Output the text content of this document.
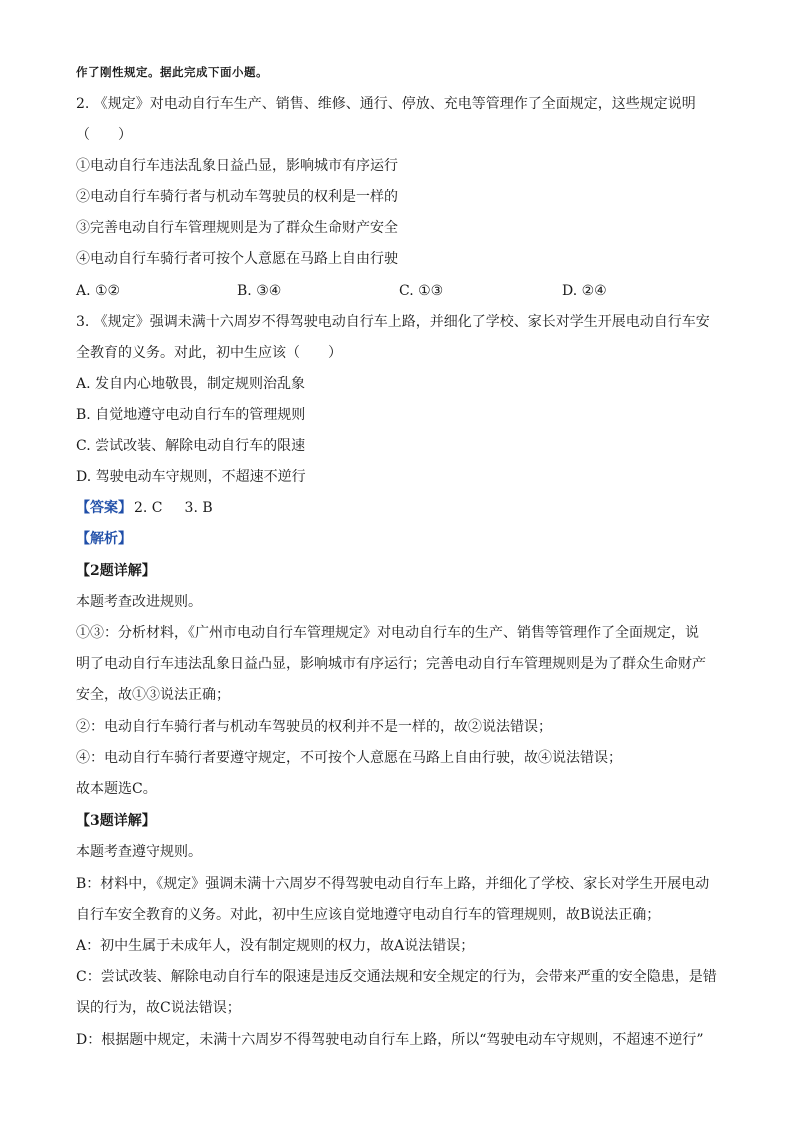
作了刚性规定。据此完成下面小题。
2. 《规定》对电动自行车生产、销售、维修、通行、停放、充电等管理作了全面规定，这些规定说明
（　　）
①电动自行车违法乱象日益凸显，影响城市有序运行
②电动自行车骑行者与机动车驾驶员的权利是一样的
③完善电动自行车管理规则是为了群众生命财产安全
④电动自行车骑行者可按个人意愿在马路上自由行驶
A. ①②	B. ③④	C. ①③	D. ②④
3. 《规定》强调未满十六周岁不得驾驶电动自行车上路，并细化了学校、家长对学生开展电动自行车安
全教育的义务。对此，初中生应该（　　）
A. 发自内心地敬畏，制定规则治乱象
B. 自觉地遵守电动自行车的管理规则
C. 尝试改装、解除电动自行车的限速
D. 驾驶电动车守规则，不超速不逆行
【答案】 2. C 3. B
【解析】
【2题详解】
本题考查改进规则。
①③：分析材料，《广州市电动自行车管理规定》对电动自行车的生产、销售等管理作了全面规定，说
明了电动自行车违法乱象日益凸显，影响城市有序运行；完善电动自行车管理规则是为了群众生命财产
安全，故①③说法正确；
②：电动自行车骑行者与机动车驾驶员的权利并不是一样的，故②说法错误；
④：电动自行车骑行者要遵守规定，不可按个人意愿在马路上自由行驶，故④说法错误；
故本题选C。
【3题详解】
本题考查遵守规则。
B：材料中，《规定》强调未满十六周岁不得驾驶电动自行车上路，并细化了学校、家长对学生开展电动
自行车安全教育的义务。对此，初中生应该自觉地遵守电动自行车的管理规则，故B说法正确；
A：初中生属于未成年人，没有制定规则的权力，故A说法错误；
C：尝试改装、解除电动自行车的限速是违反交通法规和安全规定的行为，会带来严重的安全隐患，是错
误的行为，故C说法错误；
D：根据题中规定，未满十六周岁不得驾驶电动自行车上路，所以“驾驶电动车守规则，不超速不逆行”
